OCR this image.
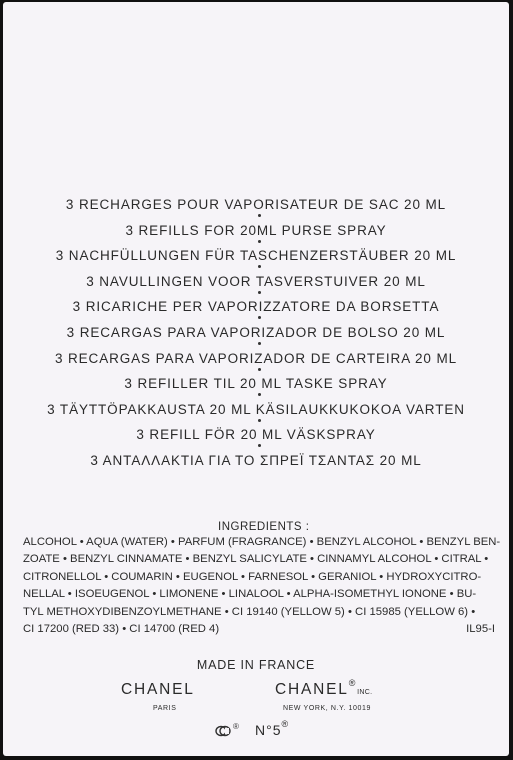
3 RECHARGES POUR VAPORISATEUR DE SAC 20 ML
3 REFILLS FOR 20ML PURSE SPRAY
3 NACHFÜLLUNGEN FÜR TASCHENZERSTÄUBER 20 ML
3 NAVULLINGEN VOOR TASVERSTUIVER 20 ML
3 RICARICHE PER VAPORIZZATORE DA BORSETTA
3 RECARGAS PARA VAPORIZADOR DE BOLSO 20 ML
3 RECARGAS PARA VAPORIZADOR DE CARTEIRA 20 ML
3 REFILLER TIL 20 ML TASKE SPRAY
3 TÄYTTÖPAKKAUSTA 20 ML KÄSILAUKKUKOKOA VARTEN
3 REFILL FÖR 20 ML VÄSKSPRAY
3 ΑΝΤΑΛΛΑΚΤΙΑ ΓΙΑ ΤΟ ΣΠΡΕΪ ΤΣΑΝΤΑΣ 20 ML
INGREDIENTS :
ALCOHOL • AQUA (WATER) • PARFUM (FRAGRANCE) • BENZYL ALCOHOL • BENZYL BEN-
ZOATE • BENZYL CINNAMATE • BENZYL SALICYLATE • CINNAMYL ALCOHOL • CITRAL •
CITRONELLOL • COUMARIN • EUGENOL • FARNESOL • GERANIOL • HYDROXYCITRO-
NELLAL • ISOEUGENOL • LIMONENE • LINALOOL • ALPHA-ISOMETHYL IONONE • BU-
TYL METHOXYDIBENZOYLMETHANE • CI 19140 (YELLOW 5) • CI 15985 (YELLOW 6) •
CI 17200 (RED 33) • CI 14700 (RED 4)	IL95-I
MADE IN FRANCE
CHANEL
PARIS
CHANEL®INC.
NEW YORK, N.Y. 10019
® N°5®
